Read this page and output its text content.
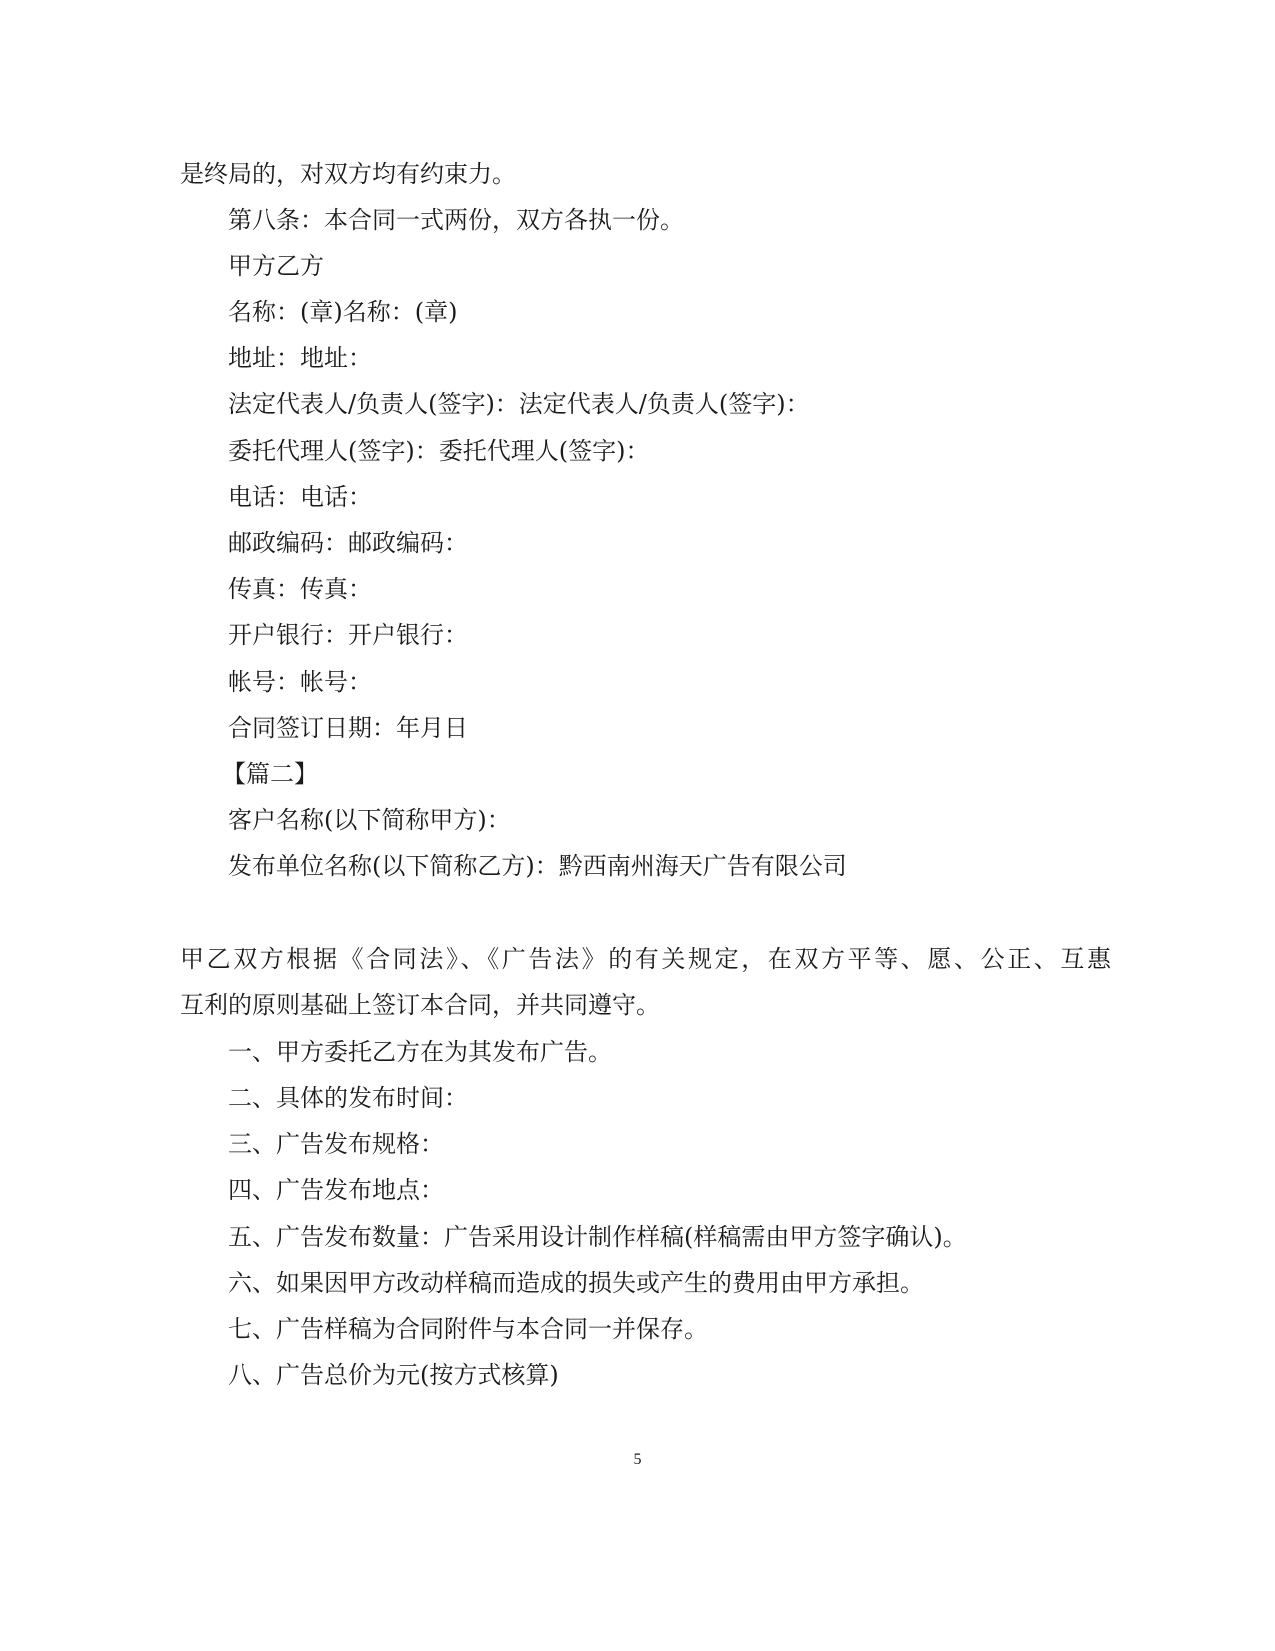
是终局的，对双方均有约束力。
第八条：本合同一式两份，双方各执一份。
甲方乙方
名称：(章)名称：(章)
地址：地址：
法定代表人/负责人(签字)：法定代表人/负责人(签字)：
委托代理人(签字)：委托代理人(签字)：
电话：电话：
邮政编码：邮政编码：
传真：传真：
开户银行：开户银行：
帐号：帐号：
合同签订日期：年月日
【篇二】
客户名称(以下简称甲方)：
发布单位名称(以下简称乙方)：黔西南州海天广告有限公司
甲乙双方根据《合同法》、《广告法》的有关规定，在双方平等、愿、公正、互惠
互利的原则基础上签订本合同，并共同遵守。
一、甲方委托乙方在为其发布广告。
二、具体的发布时间：
三、广告发布规格：
四、广告发布地点：
五、广告发布数量：广告采用设计制作样稿(样稿需由甲方签字确认)。
六、如果因甲方改动样稿而造成的损失或产生的费用由甲方承担。
七、广告样稿为合同附件与本合同一并保存。
八、广告总价为元(按方式核算)
5
